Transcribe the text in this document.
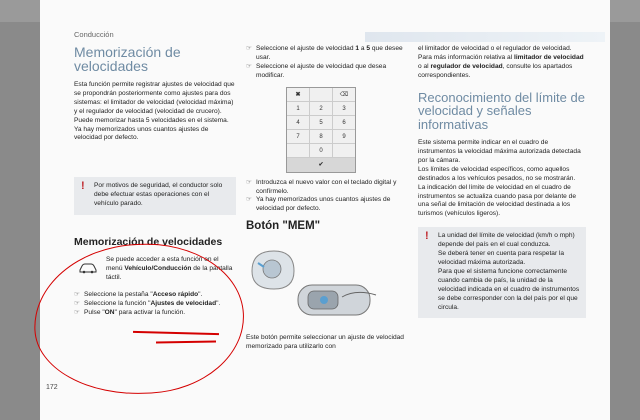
Conducción
Memorización de velocidades

Esta función permite registrar ajustes de velocidad que se propondrán posteriormente como ajustes para dos sistemas: el limitador de velocidad (velocidad máxima) y el regulador de velocidad (velocidad de crucero). Puede memorizar hasta 5 velocidades en el sistema.
Ya hay memorizados unos cuantos ajustes de velocidad por defecto.

! Por motivos de seguridad, el conductor solo debe efectuar estas operaciones con el vehículo parado.
Memorización de velocidades

Se puede acceder a esta función en el menú Vehículo/Conducción de la pantalla táctil.

☞ Seleccione la pestaña "Acceso rápido".
☞ Seleccione la función "Ajustes de velocidad".
☞ Pulse "ON" para activar la función.
☞ Seleccione el ajuste de velocidad 1 a 5 que desee usar.
☞ Seleccione el ajuste de velocidad que desea modificar.
✖	⌫
1	2	3
4	5	6
7	8	9
0
✔
☞ Introduzca el nuevo valor con el teclado digital y confírmelo.
☞ Ya hay memorizados unos cuantos ajustes de velocidad por defecto.
Botón "MEM"

Este botón permite seleccionar un ajuste de velocidad memorizado para utilizarlo con

el limitador de velocidad o el regulador de velocidad.
Para más información relativa al limitador de velocidad o al regulador de velocidad, consulte los apartados correspondientes.

Reconocimiento del límite de velocidad y señales informativas

Este sistema permite indicar en el cuadro de instrumentos la velocidad máxima autorizada detectada por la cámara.
Los límites de velocidad específicos, como aquellos destinados a los vehículos pesados, no se mostrarán.
La indicación del límite de velocidad en el cuadro de instrumentos se actualiza cuando pasa por delante de una señal de limitación de velocidad destinada a los turismos (vehículos ligeros).

! La unidad del límite de velocidad (km/h o mph) depende del país en el cual conduzca.
Se deberá tener en cuenta para respetar la velocidad máxima autorizada.
Para que el sistema funcione correctamente cuando cambia de país, la unidad de la velocidad indicada en el cuadro de instrumentos se debe corresponder con la del país por el que circula.
172
